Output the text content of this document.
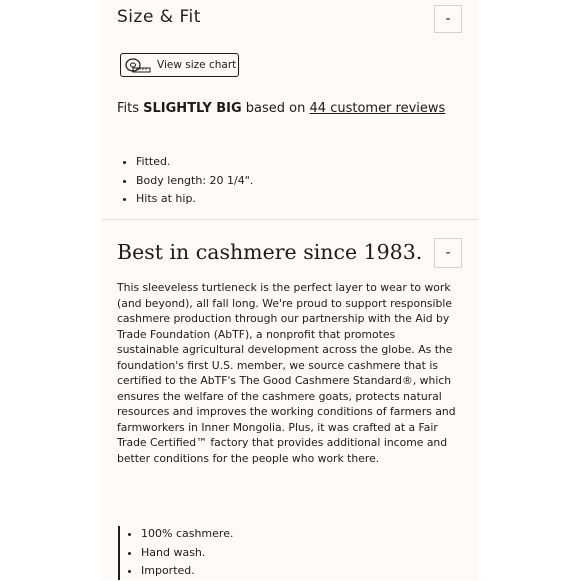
Size & Fit	-
View size chart
Fits SLIGHTLY BIG based on 44 customer reviews
• Fitted.
• Body length: 20 1/4".
• Hits at hip.
Best in cashmere since 1983. -

This sleeveless turtleneck is the perfect layer to wear to work (and beyond), all fall long. We're proud to support responsible cashmere production through our partnership with the Aid by Trade Foundation (AbTF), a nonprofit that promotes sustainable agricultural development across the globe. As the foundation's first U.S. member, we source cashmere that is certified to the AbTF's The Good Cashmere Standard®, which ensures the welfare of the cashmere goats, protects natural resources and improves the working conditions of farmers and farmworkers in Inner Mongolia. Plus, it was crafted at a Fair Trade Certified™ factory that provides additional income and better conditions for the people who work there.

• 100% cashmere.
• Hand wash.
• Imported.
